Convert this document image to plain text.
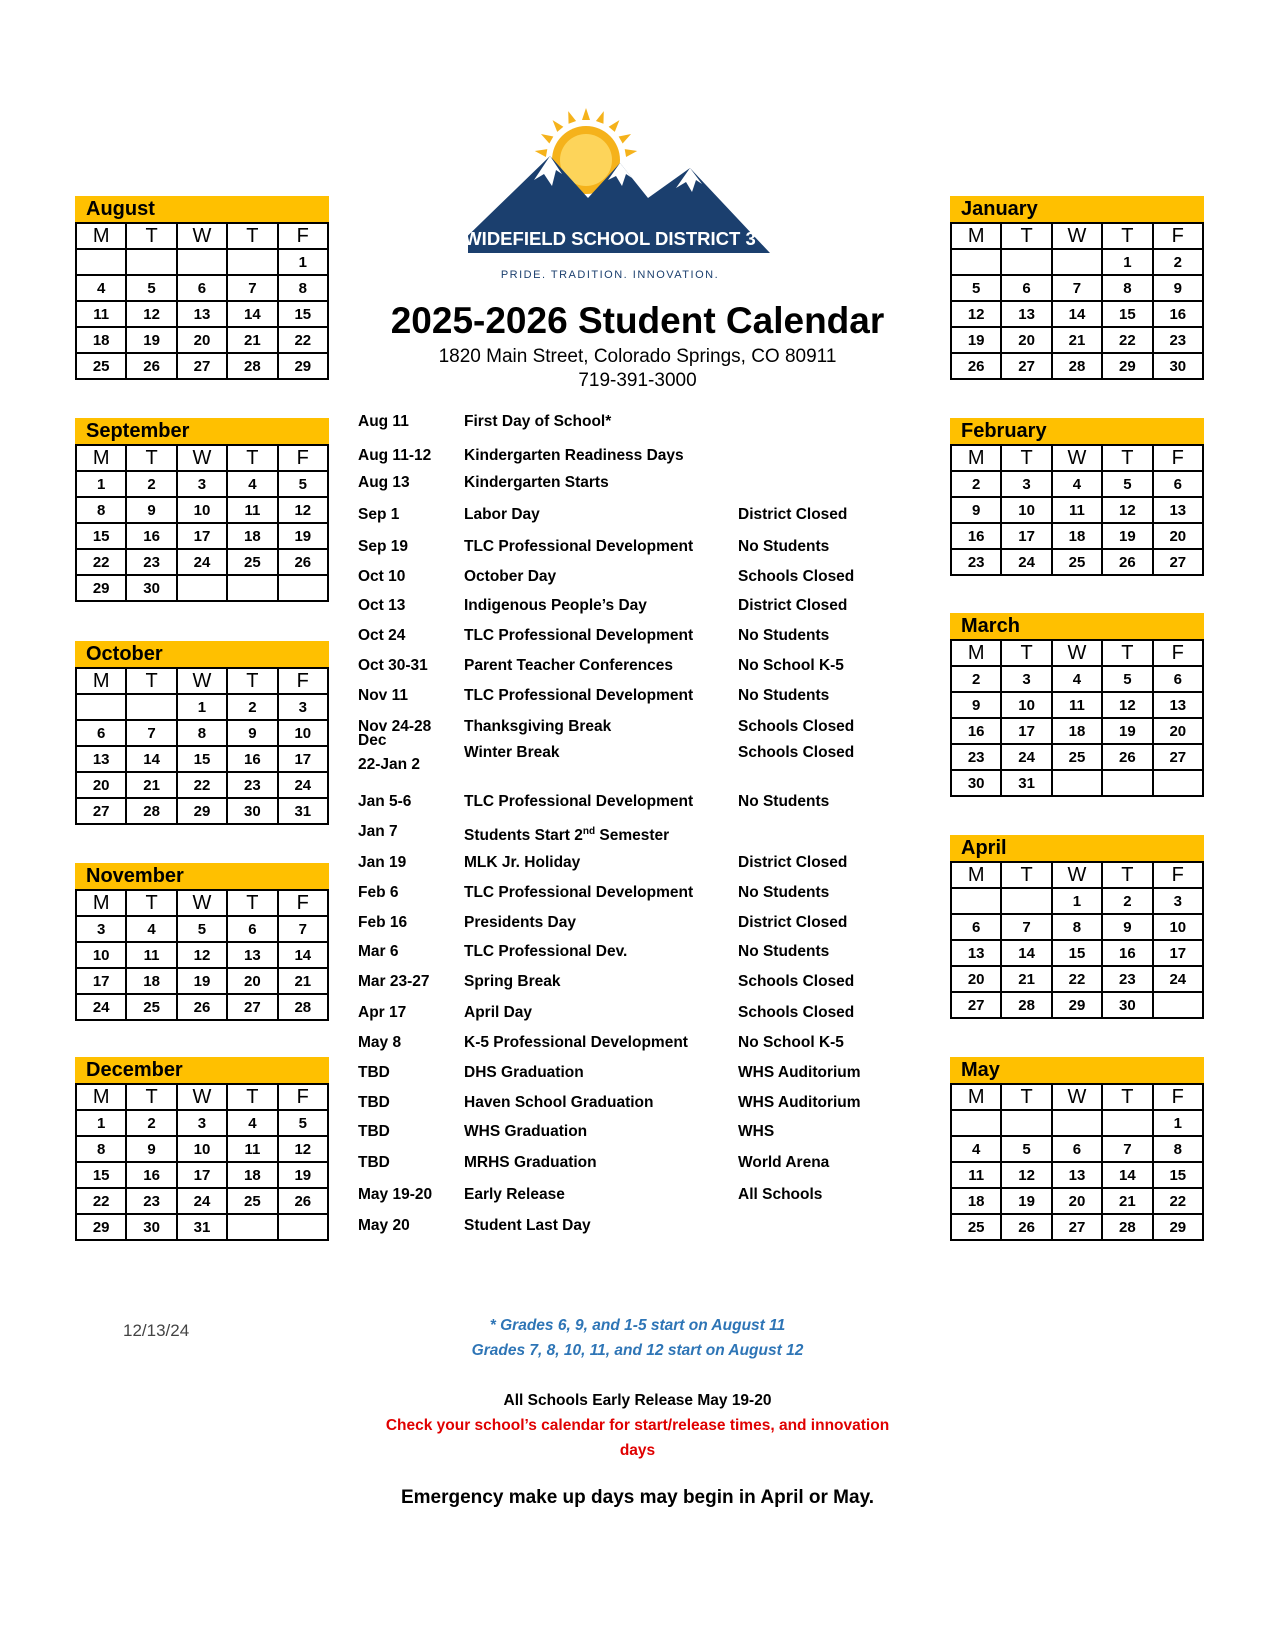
WIDEFIELD SCHOOL DISTRICT 3
PRIDE. TRADITION. INNOVATION.
2025-2026 Student Calendar
1820 Main Street, Colorado Springs, CO 80911
719-391-3000
August
M	T	W	T	F
				1
4	5	6	7	8
11	12	13	14	15
18	19	20	21	22
25	26	27	28	29
September
M	T	W	T	F
1	2	3	4	5
8	9	10	11	12
15	16	17	18	19
22	23	24	25	26
29	30			
October
M	T	W	T	F
		1	2	3
6	7	8	9	10
13	14	15	16	17
20	21	22	23	24
27	28	29	30	31
November
M	T	W	T	F
3	4	5	6	7
10	11	12	13	14
17	18	19	20	21
24	25	26	27	28
December
M	T	W	T	F
1	2	3	4	5
8	9	10	11	12
15	16	17	18	19
22	23	24	25	26
29	30	31		
January
M	T	W	T	F
			1	2
5	6	7	8	9
12	13	14	15	16
19	20	21	22	23
26	27	28	29	30
February
M	T	W	T	F
2	3	4	5	6
9	10	11	12	13
16	17	18	19	20
23	24	25	26	27
March
M	T	W	T	F
2	3	4	5	6
9	10	11	12	13
16	17	18	19	20
23	24	25	26	27
30	31			
April
M	T	W	T	F
		1	2	3
6	7	8	9	10
13	14	15	16	17
20	21	22	23	24
27	28	29	30	
May
M	T	W	T	F
				1
4	5	6	7	8
11	12	13	14	15
18	19	20	21	22
25	26	27	28	29
Aug 11	First Day of School*
Aug 11-12 Kindergarten Readiness Days
Aug 13	Kindergarten Starts
Sep 1	Labor Day	District Closed
Sep 19	TLC Professional Development	No Students
Oct 10	October Day	Schools Closed
Oct 13	Indigenous People’s Day	District Closed
Oct 24	TLC Professional Development	No Students
Oct 30-31 Parent Teacher Conferences	No School K-5
Nov 11	TLC Professional Development	No Students
Nov 24-28 Thanksgiving Break	Schools Closed
Dec
22-Jan 2
Winter Break	Schools Closed
Jan 5-6	TLC Professional Development	No Students
Jan 7	Students Start 2nd Semester
Jan 19	MLK Jr. Holiday	District Closed
Feb 6	TLC Professional Development	No Students
Feb 16	Presidents Day	District Closed
Mar 6	TLC Professional Dev.	No Students
Mar 23-27 Spring Break	Schools Closed
Apr 17	April Day	Schools Closed
May 8	K-5 Professional Development	No School K-5
TBD	DHS Graduation	WHS Auditorium
TBD	Haven School Graduation	WHS Auditorium
TBD	WHS Graduation	WHS
TBD	MRHS Graduation	World Arena
May 19-20 Early Release	All Schools
May 20	Student Last Day
12/13/24	* Grades 6, 9, and 1-5 start on August 11
Grades 7, 8, 10, 11, and 12 start on August 12
All Schools Early Release May 19-20
Check your school’s calendar for start/release times, and innovation
days
Emergency make up days may begin in April or May.
